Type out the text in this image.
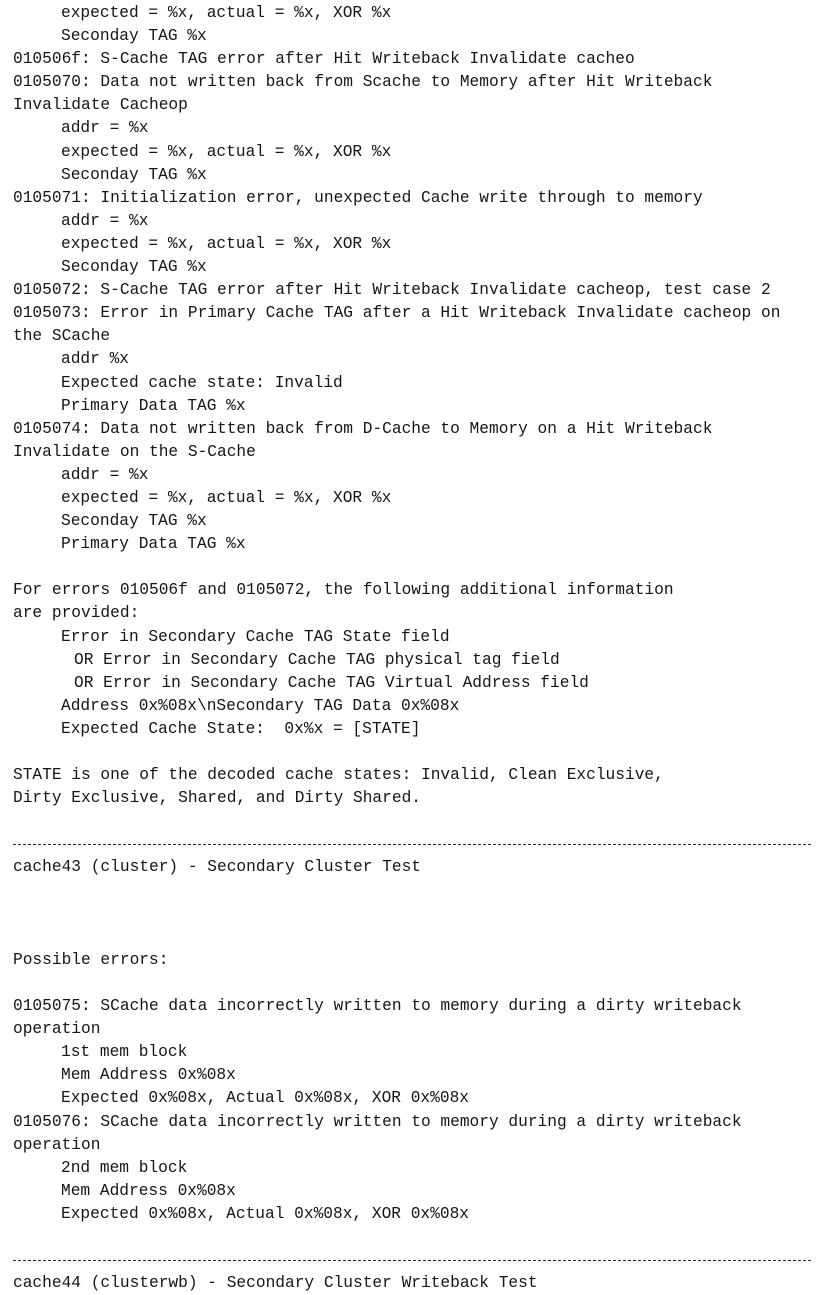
expected = %x, actual = %x, XOR %x
Seconday TAG %x
010506f: S-Cache TAG error after Hit Writeback Invalidate cacheo
0105070: Data not written back from Scache to Memory after Hit Writeback
Invalidate Cacheop
addr = %x
expected = %x, actual = %x, XOR %x
Seconday TAG %x
0105071: Initialization error, unexpected Cache write through to memory
addr = %x
expected = %x, actual = %x, XOR %x
Seconday TAG %x
0105072: S-Cache TAG error after Hit Writeback Invalidate cacheop, test case 2
0105073: Error in Primary Cache TAG after a Hit Writeback Invalidate cacheop on
the SCache
addr %x
Expected cache state: Invalid
Primary Data TAG %x
0105074: Data not written back from D-Cache to Memory on a Hit Writeback
Invalidate on the S-Cache
addr = %x
expected = %x, actual = %x, XOR %x
Seconday TAG %x
Primary Data TAG %x
For errors 010506f and 0105072, the following additional information
are provided:
Error in Secondary Cache TAG State field
OR Error in Secondary Cache TAG physical tag field
OR Error in Secondary Cache TAG Virtual Address field
Address 0x%08x\nSecondary TAG Data 0x%08x
Expected Cache State:  0x%x = [STATE]
STATE is one of the decoded cache states: Invalid, Clean Exclusive,
Dirty Exclusive, Shared, and Dirty Shared.
cache43 (cluster) - Secondary Cluster Test
Possible errors:
0105075: SCache data incorrectly written to memory during a dirty writeback
operation
1st mem block
Mem Address 0x%08x
Expected 0x%08x, Actual 0x%08x, XOR 0x%08x
0105076: SCache data incorrectly written to memory during a dirty writeback
operation
2nd mem block
Mem Address 0x%08x
Expected 0x%08x, Actual 0x%08x, XOR 0x%08x
cache44 (clusterwb) - Secondary Cluster Writeback Test
